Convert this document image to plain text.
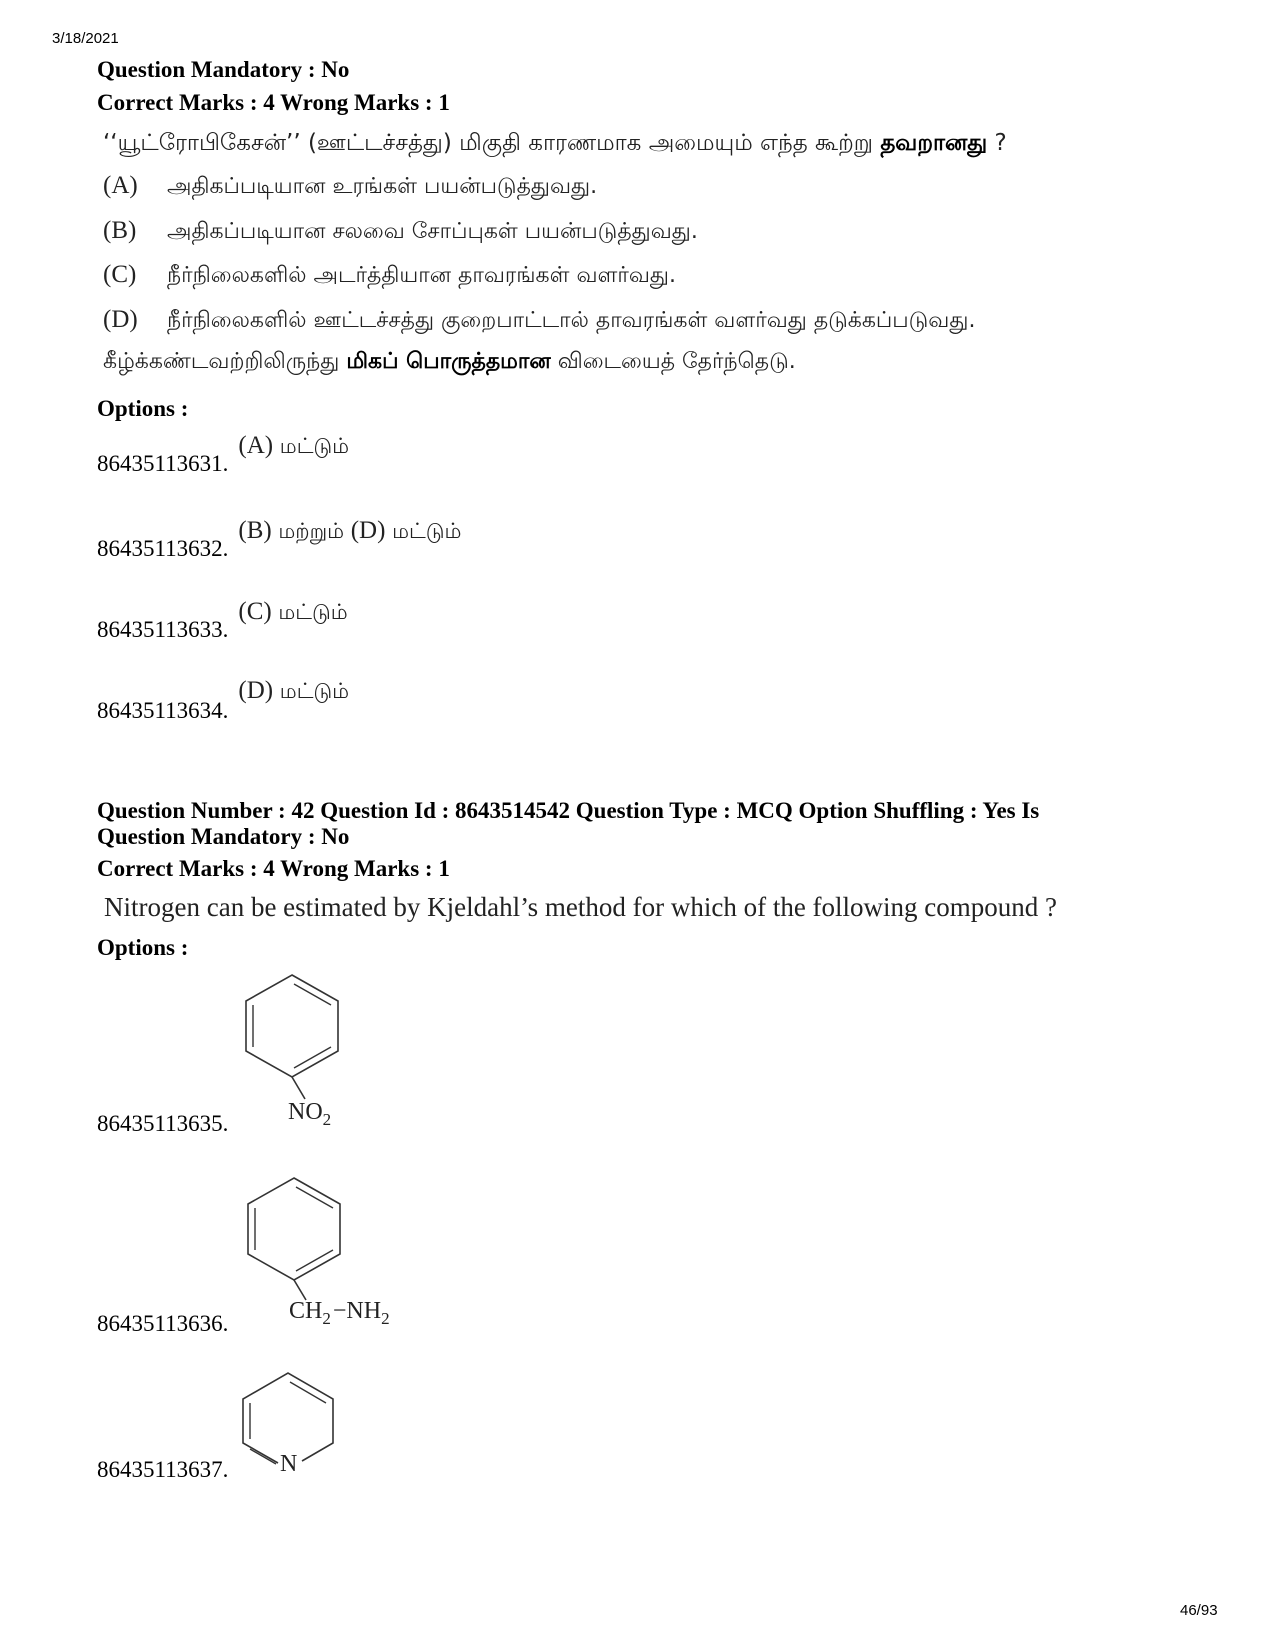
3/18/2021
Question Mandatory : No
Correct Marks : 4 Wrong Marks : 1
‘‘யூட்ரோபிகேசன்’’ (ஊட்டச்சத்து) மிகுதி காரணமாக அமையும் எந்த கூற்று தவறானது ?
(A) அதிகப்படியான உரங்கள் பயன்படுத்துவது.
(B) அதிகப்படியான சலவை சோப்புகள் பயன்படுத்துவது.
(C) நீர்நிலைகளில் அடர்த்தியான தாவரங்கள் வளர்வது.
(D) நீர்நிலைகளில் ஊட்டச்சத்து குறைபாட்டால் தாவரங்கள் வளர்வது தடுக்கப்படுவது.
கீழ்க்கண்டவற்றிலிருந்து மிகப் பொருத்தமான விடையைத் தேர்ந்தெடு.
Options :
86435113631. (A) மட்டும்
86435113632. (B) மற்றும் (D) மட்டும்
86435113633. (C) மட்டும்
86435113634. (D) மட்டும்
Question Number : 42 Question Id : 8643514542 Question Type : MCQ Option Shuffling : Yes Is
Question Mandatory : No
Correct Marks : 4 Wrong Marks : 1
Nitrogen can be estimated by Kjeldahl’s method for which of the following compound ?
Options :
86435113635. $NO_2$
86435113636.	$CH_2-NH_2$
86435113637. N
46/93
